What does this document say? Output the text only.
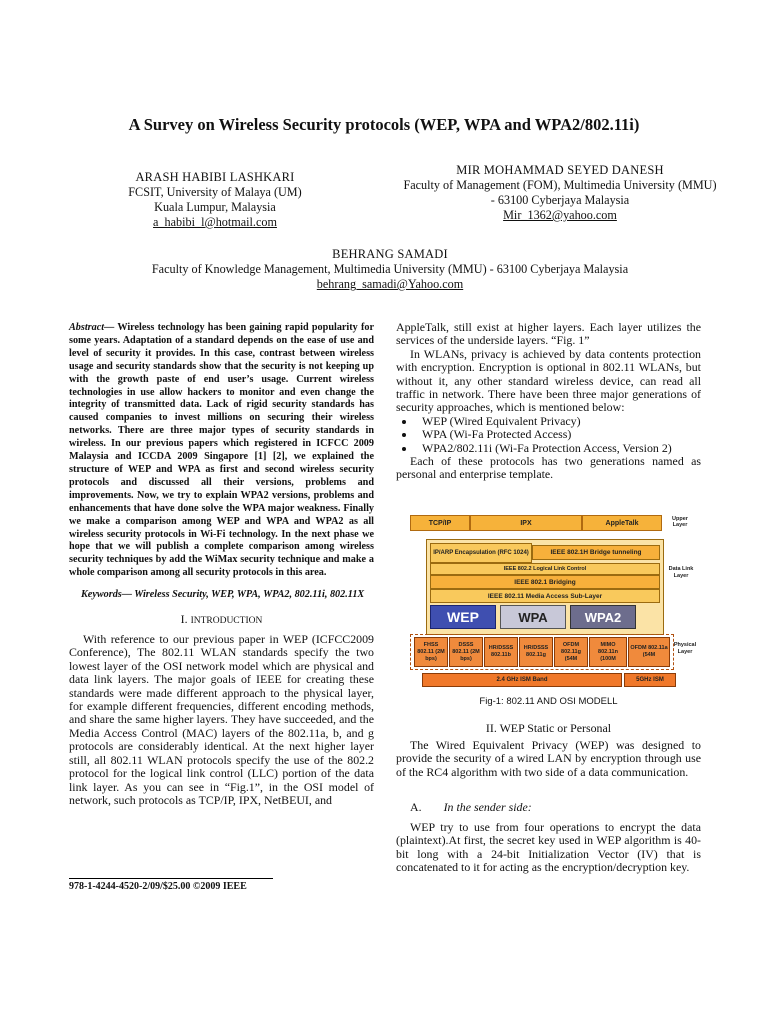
A Survey on Wireless Security protocols (WEP, WPA and WPA2/802.11i)
ARASH HABIBI LASHKARI
FCSIT, University of Malaya (UM)
Kuala Lumpur, Malaysia
a_habibi_l@hotmail.com
MIR MOHAMMAD SEYED DANESH
Faculty of Management (FOM), Multimedia University (MMU)
- 63100 Cyberjaya Malaysia
Mir_1362@yahoo.com
BEHRANG SAMADI
Faculty of Knowledge Management, Multimedia University (MMU) - 63100 Cyberjaya Malaysia
behrang_samadi@Yahoo.com
Abstract— Wireless technology has been gaining rapid popularity for some years. Adaptation of a standard depends on the ease of use and level of security it provides. In this case, contrast between wireless usage and security standards show that the security is not keeping up with the growth paste of end user’s usage. Current wireless technologies in use allow hackers to monitor and even change the integrity of transmitted data. Lack of rigid security standards has caused companies to invest millions on securing their wireless networks. There are three major types of security standards in wireless. In our previous papers which registered in ICFCC 2009 Malaysia and ICCDA 2009 Singapore [1] [2], we explained the structure of WEP and WPA as first and second wireless security protocols and discussed all their versions, problems and improvements. Now, we try to explain WPA2 versions, problems and enhancements that have done solve the WPA major weakness. Finally we make a comparison among WEP and WPA and WPA2 as all wireless security protocols in Wi-Fi technology. In the next phase we hope that we will publish a complete comparison among wireless security techniques by add the WiMax security technique and make a whole comparison among all security protocols in this area.
Keywords— Wireless Security, WEP, WPA, WPA2, 802.11i, 802.11X
I. INTRODUCTION

With reference to our previous paper in WEP (ICFCC2009 Conference), The 802.11 WLAN standards specify the two lowest layer of the OSI network model which are physical and data link layers. The major goals of IEEE for creating these standards were made different approach to the physical layer, for example different frequencies, different encoding methods, and share the same higher layers. They have succeeded, and the Media Access Control (MAC) layers of the 802.11a, b, and g protocols are considerably identical. At the next higher layer still, all 802.11 WLAN protocols specify the use of the 802.2 protocol for the logical link control (LLC) portion of the data link layer. As you can see in “Fig.1”, in the OSI model of network, such protocols as TCP/IP, IPX, NetBEUI, and

978-1-4244-4520-2/09/$25.00 ©2009 IEEE

AppleTalk, still exist at higher layers. Each layer utilizes the services of the underside layers. “Fig. 1”

In WLANs, privacy is achieved by data contents protection with encryption. Encryption is optional in 802.11 WLANs, but without it, any other standard wireless device, can read all traffic in network. There have been three major generations of security approaches, which is mentioned below:

• WEP (Wired Equivalent Privacy)
• WPA (Wi-Fa Protected Access)
• WPA2/802.11i (Wi-Fa Protection Access, Version 2)

Each of these protocols has two generations named as personal and enterprise template.

TCP/IP	IPX	AppleTalk
Upper Layer
IP/ARP Encapsulation (RFC 1024)	IEEE 802.1H Bridge tunneling
IEEE 802.2 Logical Link Control
IEEE 802.1 Bridging
IEEE 802.11 Media Access Sub-Layer
WEP	WPA	WPA2
Data Link Layer
FHSS 802.11 (2M bps)
DSSS 802.11 (2M bps)
HR/DSSS 802.11b
HR/DSSS 802.11g
OFDM 802.11g (54M
MIMO 802.11n (100M
OFDM 802.11a (54M
Physical Layer
2.4 GHz ISM Band	5GHz ISM
Fig-1: 802.11 AND OSI MODELL
II. WEP Static or Personal

The Wired Equivalent Privacy (WEP) was designed to provide the security of a wired LAN by encryption through use of the RC4 algorithm with two side of a data communication.

A. In the sender side:

WEP try to use from four operations to encrypt the data (plaintext).At first, the secret key used in WEP algorithm is 40-bit long with a 24-bit Initialization Vector (IV) that is concatenated to it for acting as the encryption/decryption key.
